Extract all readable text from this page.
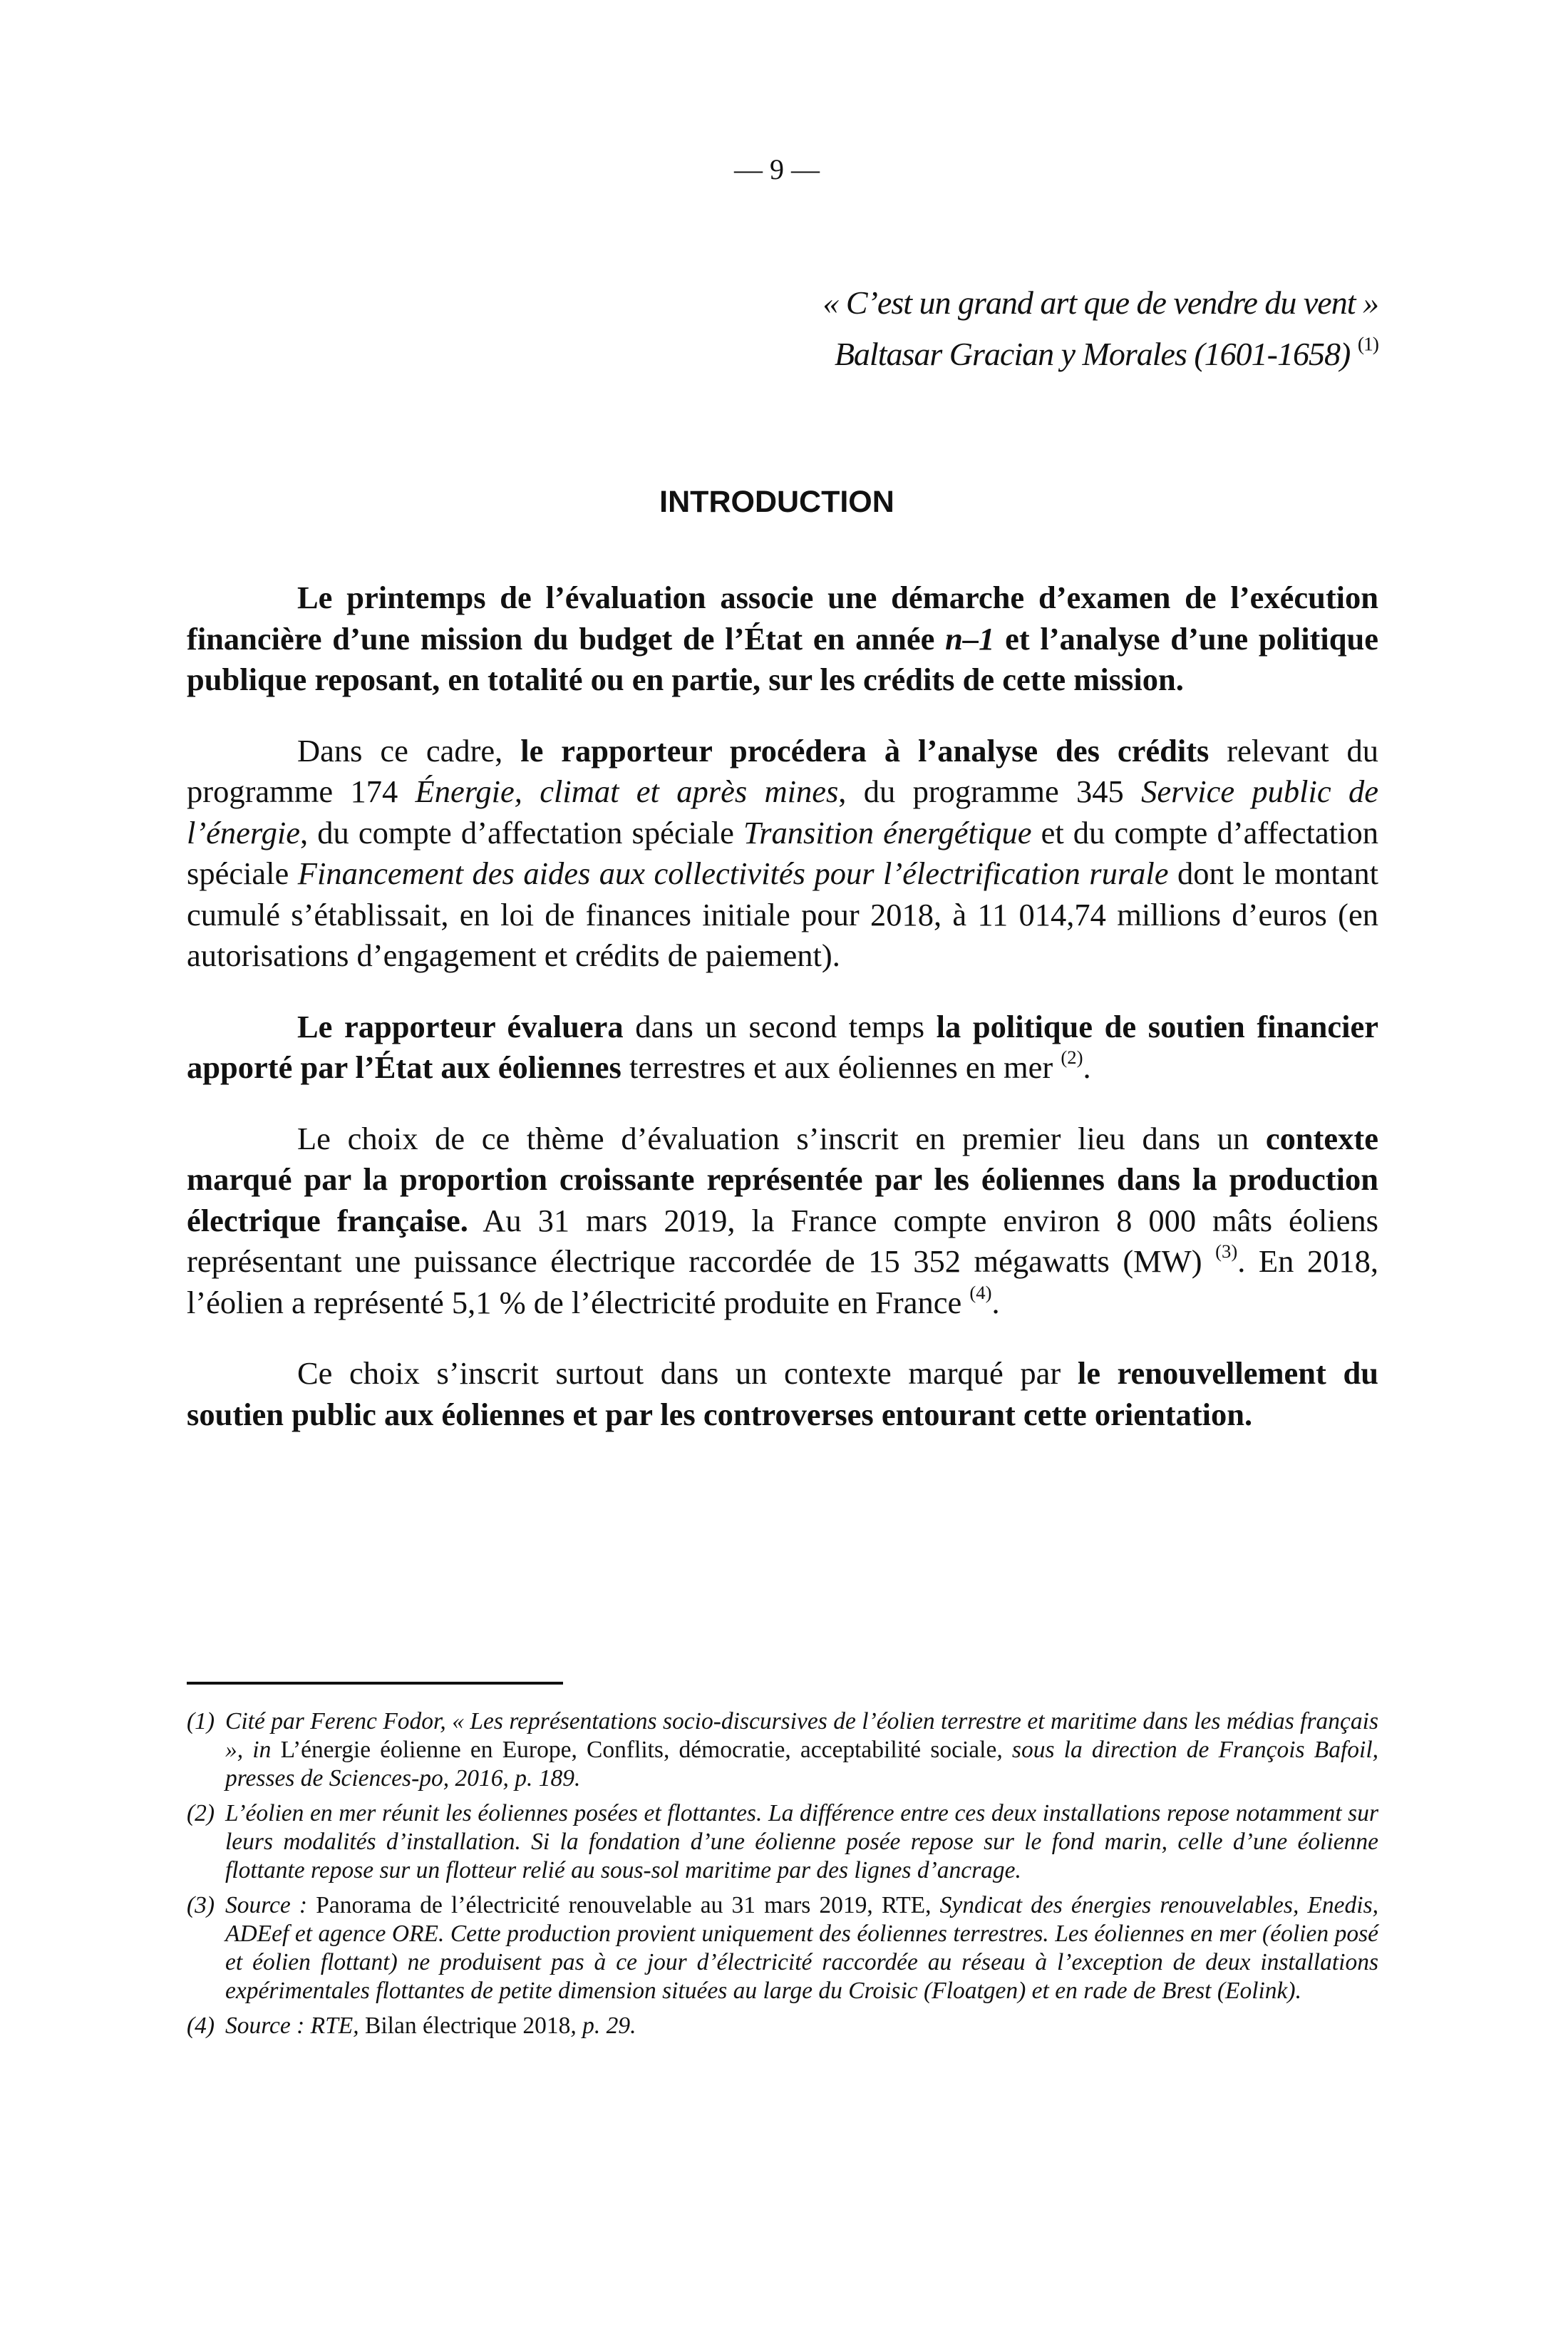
— 9 —
« C’est un grand art que de vendre du vent »
Baltasar Gracian y Morales (1601-1658) $^{(1)}$
INTRODUCTION

Le printemps de l’évaluation associe une démarche d’examen de l’exécution financière d’une mission du budget de l’État en année n–1 et l’analyse d’une politique publique reposant, en totalité ou en partie, sur les crédits de cette mission.

Dans ce cadre, le rapporteur procédera à l’analyse des crédits relevant du programme 174 Énergie, climat et après mines, du programme 345 Service public de l’énergie, du compte d’affectation spéciale Transition énergétique et du compte d’affectation spéciale Financement des aides aux collectivités pour l’électrification rurale dont le montant cumulé s’établissait, en loi de finances initiale pour 2018, à 11 014,74 millions d’euros (en autorisations d’engagement et crédits de paiement).

Le rapporteur évaluera dans un second temps la politique de soutien financier apporté par l’État aux éoliennes terrestres et aux éoliennes en mer $^{(2)}$.

Le choix de ce thème d’évaluation s’inscrit en premier lieu dans un contexte marqué par la proportion croissante représentée par les éoliennes dans la production électrique française. Au 31 mars 2019, la France compte environ 8 000 mâts éoliens représentant une puissance électrique raccordée de 15 352 mégawatts (MW) $^{(3)}$. En 2018, l’éolien a représenté 5,1 % de l’électricité produite en France $^{(4)}$.

Ce choix s’inscrit surtout dans un contexte marqué par le renouvellement du soutien public aux éoliennes et par les controverses entourant cette orientation.

(1) Cité par Ferenc Fodor, « Les représentations socio-discursives de l’éolien terrestre et maritime dans les médias français », in L’énergie éolienne en Europe, Conflits, démocratie, acceptabilité sociale, sous la direction de François Bafoil, presses de Sciences-po, 2016, p. 189.
(2) L’éolien en mer réunit les éoliennes posées et flottantes. La différence entre ces deux installations repose notamment sur leurs modalités d’installation. Si la fondation d’une éolienne posée repose sur le fond marin, celle d’une éolienne flottante repose sur un flotteur relié au sous-sol maritime par des lignes d’ancrage.
(3) Source : Panorama de l’électricité renouvelable au 31 mars 2019, RTE, Syndicat des énergies renouvelables, Enedis, ADEef et agence ORE. Cette production provient uniquement des éoliennes terrestres. Les éoliennes en mer (éolien posé et éolien flottant) ne produisent pas à ce jour d’électricité raccordée au réseau à l’exception de deux installations expérimentales flottantes de petite dimension situées au large du Croisic (Floatgen) et en rade de Brest (Eolink).
(4) Source : RTE, Bilan électrique 2018, p. 29.
